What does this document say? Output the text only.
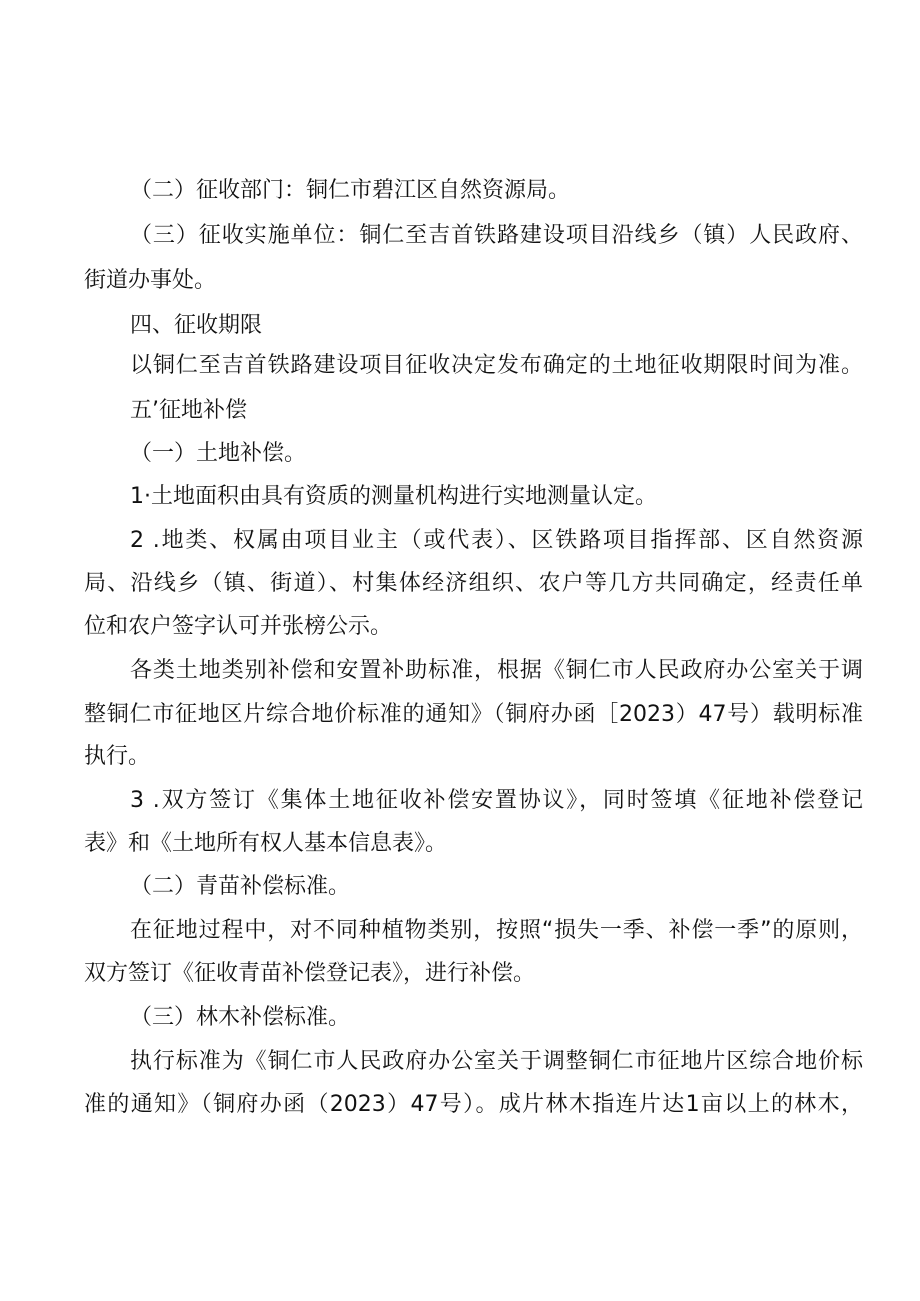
（二）征收部门：铜仁市碧江区自然资源局。
（三）征收实施单位：铜仁至吉首铁路建设项目沿线乡（镇）人民政府、
街道办事处。
四、征收期限
以铜仁至吉首铁路建设项目征收决定发布确定的土地征收期限时间为准。
五’征地补偿
（一）土地补偿。
1·土地面积由具有资质的测量机构进行实地测量认定。
2 .地类、权属由项目业主（或代表）、区铁路项目指挥部、区自然资源
局、沿线乡（镇、街道）、村集体经济组织、农户等几方共同确定，经责任单
位和农户签字认可并张榜公示。
各类土地类别补偿和安置补助标准，根据《铜仁市人民政府办公室关于调
整铜仁市征地区片综合地价标准的通知》（铜府办函［2023）47号）载明标准
执行。
3 .双方签订《集体土地征收补偿安置协议》，同时签填《征地补偿登记
表》和《土地所有权人基本信息表》。
（二）青苗补偿标准。
在征地过程中，对不同种植物类别，按照“损失一季、补偿一季”的原则，
双方签订《征收青苗补偿登记表》，进行补偿。
（三）林木补偿标准。
执行标准为《铜仁市人民政府办公室关于调整铜仁市征地片区综合地价标
准的通知》（铜府办函（2023）47号）。成片林木指连片达1亩以上的林木，
